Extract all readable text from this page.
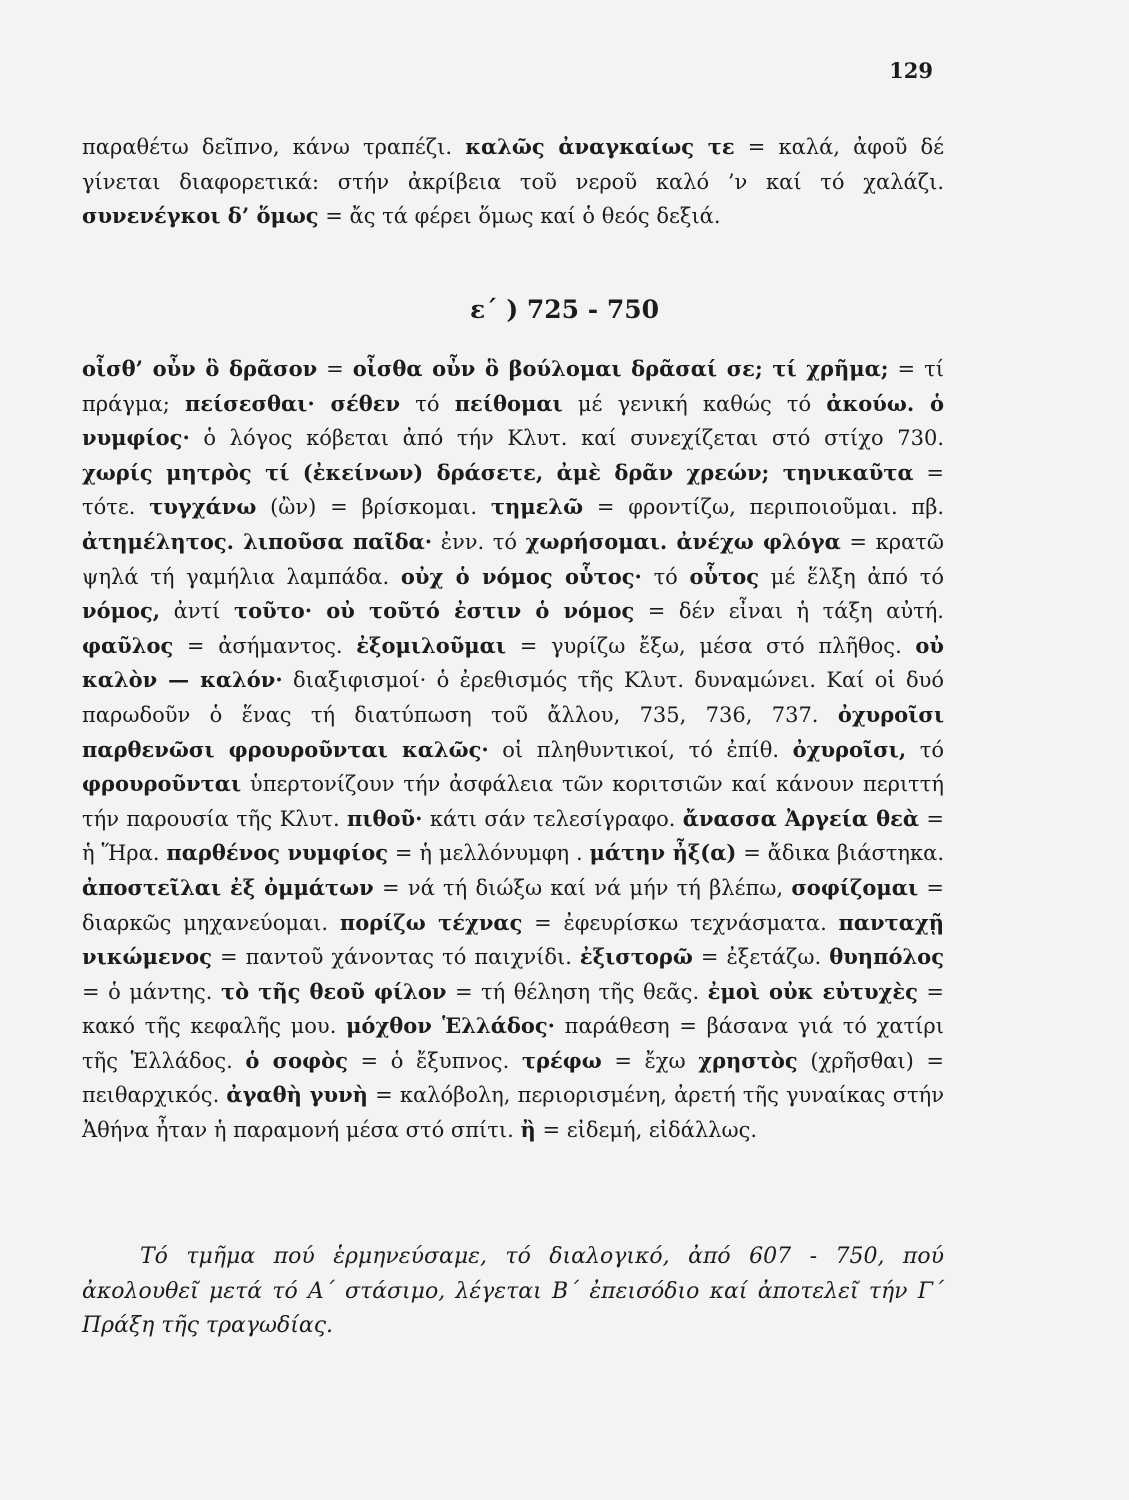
129
παραθέτω δεῖπνο, κάνω τραπέζι. καλῶς ἀναγκαίως τε = καλά, ἀφοῦ δέ γίνεται διαφορετικά: στήν ἀκρίβεια τοῦ νεροῦ καλό ’ν καί τό χαλάζι. συνενέγκοι δ’ ὅμως = ἄς τά φέρει ὅμως καί ὁ θεός δεξιά.
ε΄ ) 725 - 750
οἶσθ’ οὖν ὃ δρᾶσον = οἶσθα οὖν ὃ βούλομαι δρᾶσαί σε; τί χρῆμα; = τί πράγμα; πείσεσθαι· σέθεν τό πείθομαι μέ γενική καθώς τό ἀκούω. ὁ νυμφίος· ὁ λόγος κόβεται ἀπό τήν Κλυτ. καί συνεχίζεται στό στίχο 730. χωρίς μητρὸς τί (ἐκείνων) δράσετε, ἀμὲ δρᾶν χρεών; τηνικαῦτα = τότε. τυγχάνω (ὢν) = βρίσκομαι. τημελῶ = φροντίζω, περιποιοῦμαι. πβ. ἀτημέλητος. λιποῦσα παῖδα· ἐνν. τό χωρήσομαι. ἀνέχω φλόγα = κρατῶ ψηλά τή γαμήλια λαμπάδα. οὐχ ὁ νόμος οὗτος· τό οὗτος μέ ἕλξη ἀπό τό νόμος, ἀντί τοῦτο· οὐ τοῦτό ἐστιν ὁ νόμος = δέν εἶναι ἡ τάξη αὐτή. φαῦλος = ἀσήμαντος. ἐξομιλοῦμαι = γυρίζω ἔξω, μέσα στό πλῆθος. οὐ καλὸν — καλόν· διαξιφισμοί· ὁ ἐρεθισμός τῆς Κλυτ. δυναμώνει. Καί οἱ δυό παρωδοῦν ὁ ἕνας τή διατύπωση τοῦ ἄλλου, 735, 736, 737. ὀχυροῖσι παρθενῶσι φρουροῦνται καλῶς· οἱ πληθυντικοί, τό ἐπίθ. ὀχυροῖσι, τό φρουροῦνται ὑπερτονίζουν τήν ἀσφάλεια τῶν κοριτσιῶν καί κάνουν περιττή τήν παρουσία τῆς Κλυτ. πιθοῦ· κάτι σάν τελεσίγραφο. ἄνασσα Ἀργεία θεὰ = ἡ Ἥρα. παρθένος νυμφίος = ἡ μελλόνυμφη . μάτην ἦξ(α) = ἄδικα βιάστηκα. ἀποστεῖλαι ἐξ ὀμμάτων = νά τή διώξω καί νά μήν τή βλέπω, σοφίζομαι = διαρκῶς μηχανεύομαι. πορίζω τέχνας = ἐφευρίσκω τεχνάσματα. πανταχῇ νικώμενος = παντοῦ χάνοντας τό παιχνίδι. ἐξιστορῶ = ἐξετάζω. θυηπόλος = ὁ μάντης. τὸ τῆς θεοῦ φίλον = τή θέληση τῆς θεᾶς. ἐμοὶ οὐκ εὐτυχὲς = κακό τῆς κεφαλῆς μου. μόχθον Ἑλλάδος· παράθεση = βάσανα γιά τό χατίρι τῆς Ἑλλάδος. ὁ σοφὸς = ὁ ἔξυπνος. τρέφω = ἔχω χρηστὸς (χρῆσθαι) = πειθαρχικός. ἀγαθὴ γυνὴ = καλόβολη, περιορισμένη, ἀρετή τῆς γυναίκας στήν Ἀθήνα ἦταν ἡ παραμονή μέσα στό σπίτι. ἢ = εἰδεμή, εἰδάλλως.
Τό τμῆμα πού ἑρμηνεύσαμε, τό διαλογικό, ἀπό 607 - 750, πού ἀκολουθεῖ μετά τό Α΄ στάσιμο, λέγεται Β΄ ἐπεισόδιο καί ἀποτελεῖ τήν Γ΄ Πράξη τῆς τραγωδίας.
